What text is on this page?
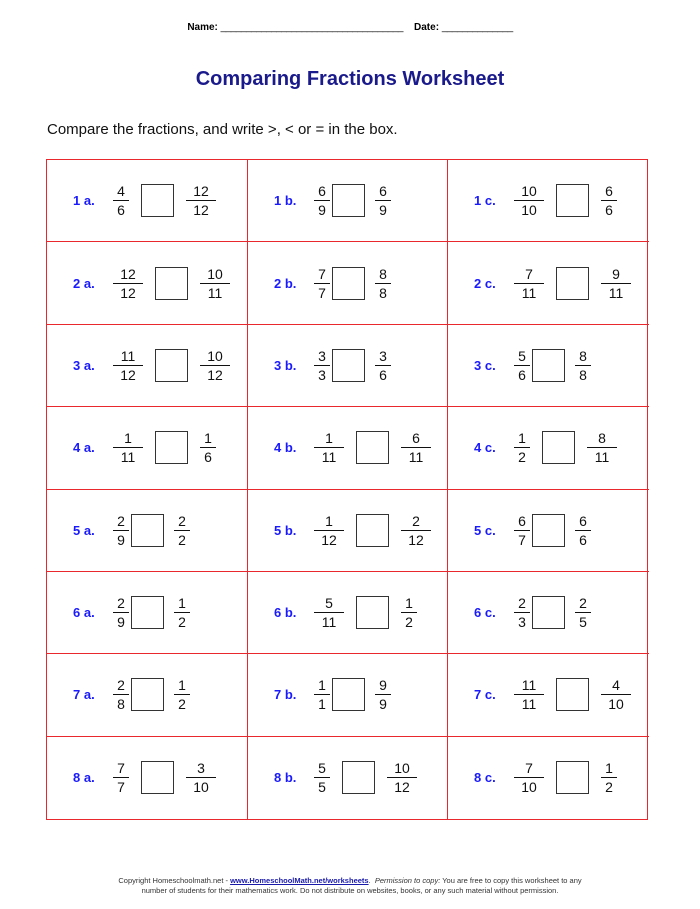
Name: ____________________________________ Date: ______________
Comparing Fractions Worksheet
Compare the fractions, and write >, < or = in the box.
1 a.	$\frac{4}{6}$	$\frac{12}{12}$	1 b.	$\frac{6}{9}$	$\frac{6}{9}$	1 c.	$\frac{10}{10}$	$\frac{6}{6}$
2 a.	$\frac{12}{12}$	$\frac{10}{11}$	2 b.	$\frac{7}{7}$	$\frac{8}{8}$	2 c.	$\frac{7}{11}$	$\frac{9}{11}$
3 a.	$\frac{11}{12}$	$\frac{10}{12}$	3 b.	$\frac{3}{3}$	$\frac{3}{6}$	3 c.	$\frac{5}{6}$	$\frac{8}{8}$
4 a.	$\frac{1}{11}$	$\frac{1}{6}$	4 b.	$\frac{1}{11}$	$\frac{6}{11}$	4 c.	$\frac{1}{2}$	$\frac{8}{11}$
5 a.	$\frac{2}{9}$	$\frac{2}{2}$	5 b.	$\frac{1}{12}$	$\frac{2}{12}$	5 c.	$\frac{6}{7}$	$\frac{6}{6}$
6 a.	$\frac{2}{9}$	$\frac{1}{2}$	6 b.	$\frac{5}{11}$	$\frac{1}{2}$	6 c.	$\frac{2}{3}$	$\frac{2}{5}$
7 a.	$\frac{2}{8}$	$\frac{1}{2}$	7 b.	$\frac{1}{1}$	$\frac{9}{9}$	7 c.	$\frac{11}{11}$	$\frac{4}{10}$
8 a.	$\frac{7}{7}$	$\frac{3}{10}$	8 b.	$\frac{5}{5}$	$\frac{10}{12}$	8 c.	$\frac{7}{10}$	$\frac{1}{2}$
Copyright Homeschoolmath.net - www.HomeschoolMath.net/worksheets.  Permission to copy: You are free to copy this worksheet to any
number of students for their mathematics work. Do not distribute on websites, books, or any such material without permission.
